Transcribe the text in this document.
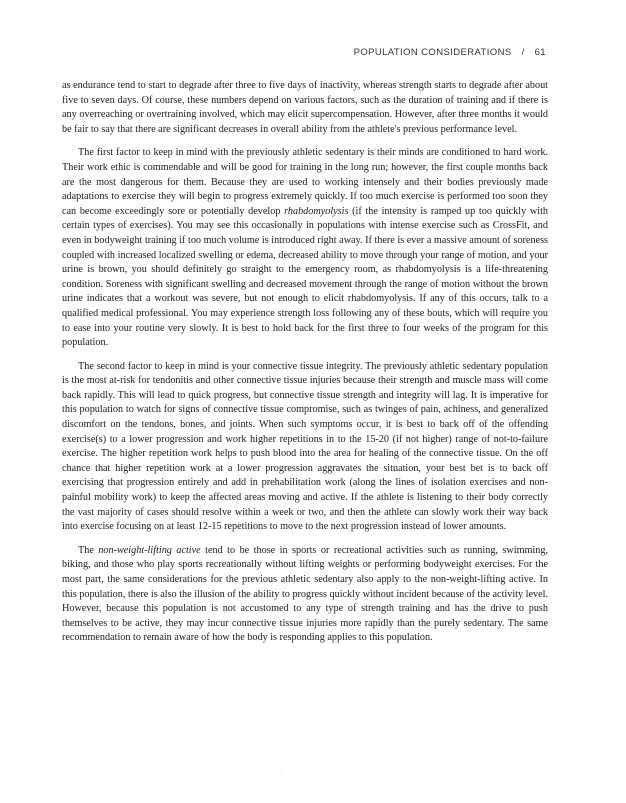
POPULATION CONSIDERATIONS / 61

as endurance tend to start to degrade after three to five days of inactivity, whereas strength starts to degrade after about five to seven days. Of course, these numbers depend on various factors, such as the duration of training and if there is any overreaching or overtraining involved, which may elicit supercompensation. However, after three months it would be fair to say that there are significant decreases in overall ability from the athlete's previous performance level.

The first factor to keep in mind with the previously athletic sedentary is their minds are conditioned to hard work. Their work ethic is commendable and will be good for training in the long run; however, the first couple months back are the most dangerous for them. Because they are used to working intensely and their bodies previously made adaptations to exercise they will begin to progress extremely quickly. If too much exercise is performed too soon they can become exceedingly sore or potentially develop rhabdomyolysis (if the intensity is ramped up too quickly with certain types of exercises). You may see this occasionally in populations with intense exercise such as CrossFit, and even in bodyweight training if too much volume is introduced right away. If there is ever a massive amount of soreness coupled with increased localized swelling or edema, decreased ability to move through your range of motion, and your urine is brown, you should definitely go straight to the emergency room, as rhabdomyolysis is a life-threatening condition. Soreness with significant swelling and decreased movement through the range of motion without the brown urine indicates that a workout was severe, but not enough to elicit rhabdomyolysis. If any of this occurs, talk to a qualified medical professional. You may experience strength loss following any of these bouts, which will require you to ease into your routine very slowly. It is best to hold back for the first three to four weeks of the program for this population.

The second factor to keep in mind is your connective tissue integrity. The previously athletic sedentary population is the most at-risk for tendonitis and other connective tissue injuries because their strength and muscle mass will come back rapidly. This will lead to quick progress, but connective tissue strength and integrity will lag. It is imperative for this population to watch for signs of connective tissue compromise, such as twinges of pain, achiness, and generalized discomfort on the tendons, bones, and joints. When such symptoms occur, it is best to back off of the offending exercise(s) to a lower progression and work higher repetitions in to the 15-20 (if not higher) range of not-to-failure exercise. The higher repetition work helps to push blood into the area for healing of the connective tissue. On the off chance that higher repetition work at a lower progression aggravates the situation, your best bet is to back off exercising that progression entirely and add in prehabilitation work (along the lines of isolation exercises and non-painful mobility work) to keep the affected areas moving and active. If the athlete is listening to their body correctly the vast majority of cases should resolve within a week or two, and then the athlete can slowly work their way back into exercise focusing on at least 12-15 repetitions to move to the next progression instead of lower amounts.

The non-weight-lifting active tend to be those in sports or recreational activities such as running, swimming, biking, and those who play sports recreationally without lifting weights or performing bodyweight exercises. For the most part, the same considerations for the previous athletic sedentary also apply to the non-weight-lifting active. In this population, there is also the illusion of the ability to progress quickly without incident because of the activity level. However, because this population is not accustomed to any type of strength training and has the drive to push themselves to be active, they may incur connective tissue injuries more rapidly than the purely sedentary. The same recommendation to remain aware of how the body is responding applies to this population.

·
